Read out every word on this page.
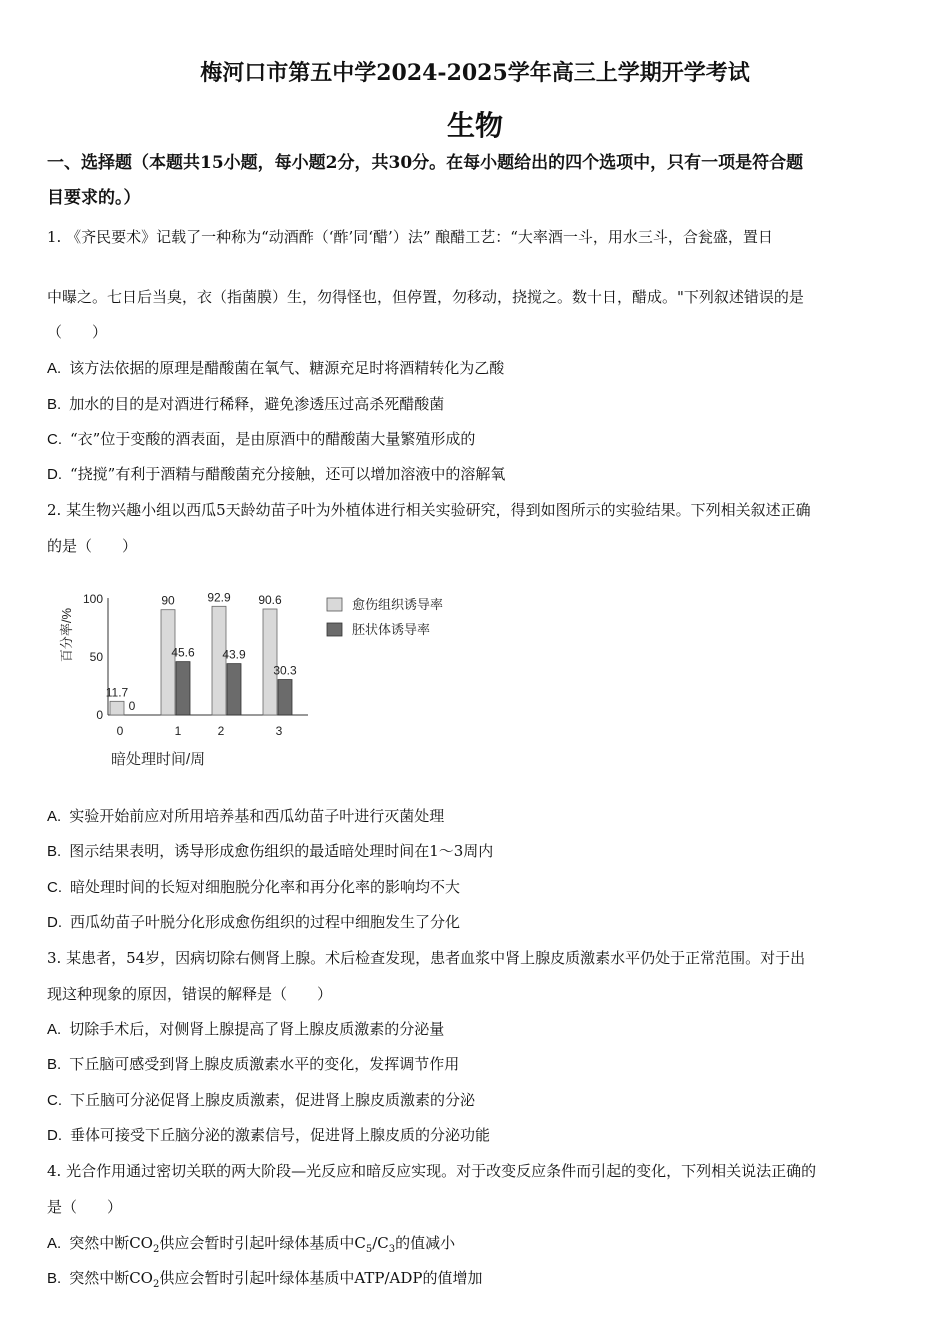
梅河口市第五中学2024-2025学年高三上学期开学考试
生物
一、选择题（本题共15小题，每小题2分，共30分。在每小题给出的四个选项中，只有一项是符合题
目要求的。）
1. 《齐民要术》记载了一种称为“动酒酢（‘酢’同‘醋’）法” 酿醋工艺：“大率酒一斗，用水三斗，合瓮盛，置日
中曝之。七日后当臭，衣（指菌膜）生，勿得怪也，但停置，勿移动，挠搅之。数十日，醋成。"下列叙述错误的是
（　　）
A. 该方法依据的原理是醋酸菌在氧气、糖源充足时将酒精转化为乙酸
B. 加水的目的是对酒进行稀释，避免渗透压过高杀死醋酸菌
C. “衣”位于变酸的酒表面，是由原酒中的醋酸菌大量繁殖形成的
D. “挠搅”有利于酒精与醋酸菌充分接触，还可以增加溶液中的溶解氧
2. 某生物兴趣小组以西瓜5天龄幼苗子叶为外植体进行相关实验研究，得到如图所示的实验结果。下列相关叙述正确
的是（　　）
百分率/%
100
50
0
11.7
90	92.9 90.6
0
45.6 43.9
30.3
0	1	2	3
暗处理时间/周
愈伤组织诱导率
胚状体诱导率
A. 实验开始前应对所用培养基和西瓜幼苗子叶进行灭菌处理
B. 图示结果表明，诱导形成愈伤组织的最适暗处理时间在1～3周内
C. 暗处理时间的长短对细胞脱分化率和再分化率的影响均不大
D. 西瓜幼苗子叶脱分化形成愈伤组织的过程中细胞发生了分化
3. 某患者，54岁，因病切除右侧肾上腺。术后检查发现，患者血浆中肾上腺皮质激素水平仍处于正常范围。对于出
现这种现象的原因，错误的解释是（　　）
A. 切除手术后，对侧肾上腺提高了肾上腺皮质激素的分泌量
B. 下丘脑可感受到肾上腺皮质激素水平的变化，发挥调节作用
C. 下丘脑可分泌促肾上腺皮质激素，促进肾上腺皮质激素的分泌
D. 垂体可接受下丘脑分泌的激素信号，促进肾上腺皮质的分泌功能
4. 光合作用通过密切关联的两大阶段—光反应和暗反应实现。对于改变反应条件而引起的变化，下列相关说法正确的
是（　　）
A. 突然中断$CO_2$供应会暂时引起叶绿体基质中$C_5/C_3$的值减小
B. 突然中断$CO_2$供应会暂时引起叶绿体基质中ATP/ADP的值增加
